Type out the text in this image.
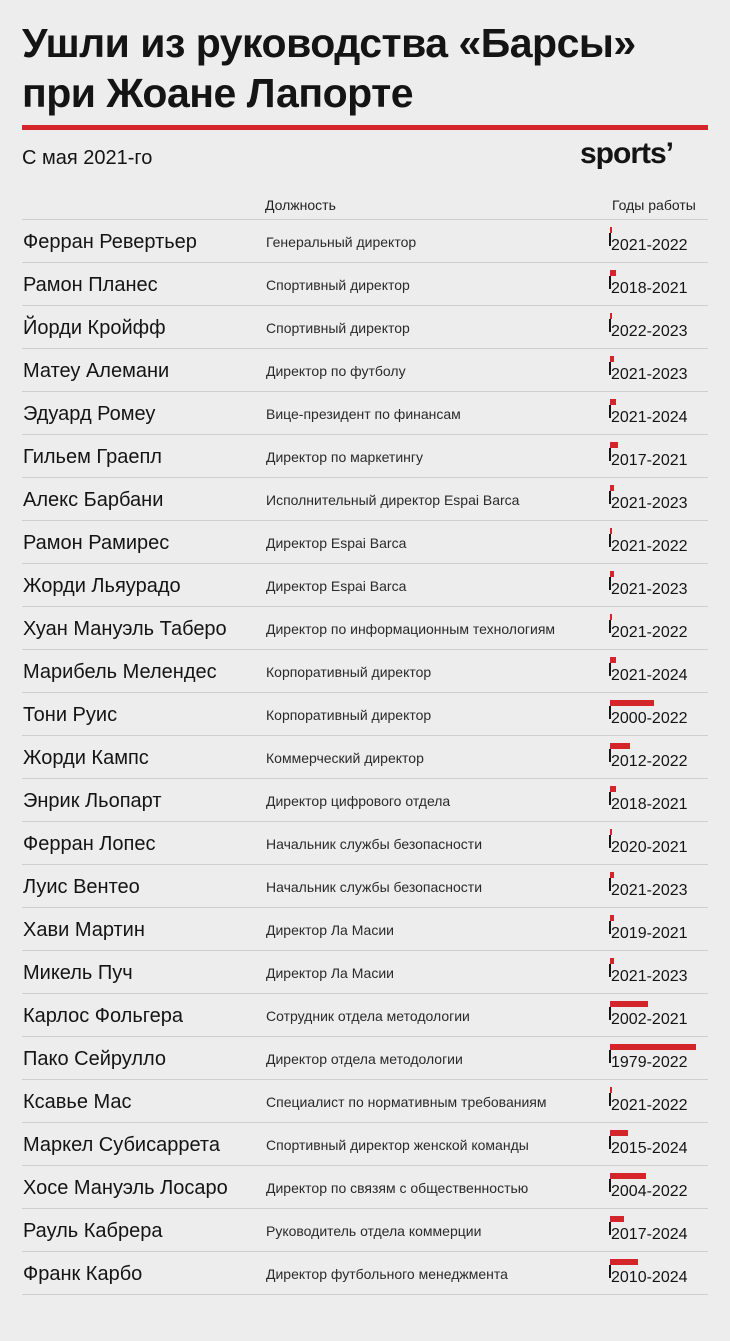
Ушли из руководства «Барсы»
при Жоане Лапорте
С мая 2021-го	sports’
Должность	Годы работы
Ферран Ревертьер	Генеральный директор	2021-2022
Рамон Планес	Спортивный директор	2018-2021
Йорди Кройфф	Спортивный директор	2022-2023
Матеу Алемани	Директор по футболу	2021-2023
Эдуард Ромеу	Вице-президент по финансам	2021-2024
Гильем Граепл	Директор по маркетингу	2017-2021
Алекс Барбани	Исполнительный директор Espai Barca	2021-2023
Рамон Рамирес	Директор Espai Barca	2021-2022
Жорди Льяурадо	Директор Espai Barca	2021-2023
Хуан Мануэль Таберо	Директор по информационным технологиям	2021-2022
Марибель Мелендес	Корпоративный директор	2021-2024
Тони Руис	Корпоративный директор	2000-2022
Жорди Кампс	Коммерческий директор	2012-2022
Энрик Льопарт	Директор цифрового отдела	2018-2021
Ферран Лопес	Начальник службы безопасности	2020-2021
Луис Вентео	Начальник службы безопасности	2021-2023
Хави Мартин	Директор Ла Масии	2019-2021
Микель Пуч	Директор Ла Масии	2021-2023
Карлос Фольгера	Сотрудник отдела методологии	2002-2021
Пако Сейрулло	Директор отдела методологии	1979-2022
Ксавье Мас	Специалист по нормативным требованиям	2021-2022
Маркел Субисаррета	Спортивный директор женской команды	2015-2024
Хосе Мануэль Лосаро	Директор по связям с общественностью	2004-2022
Рауль Кабрера	Руководитель отдела коммерции	2017-2024
Франк Карбо	Директор футбольного менеджмента	2010-2024
